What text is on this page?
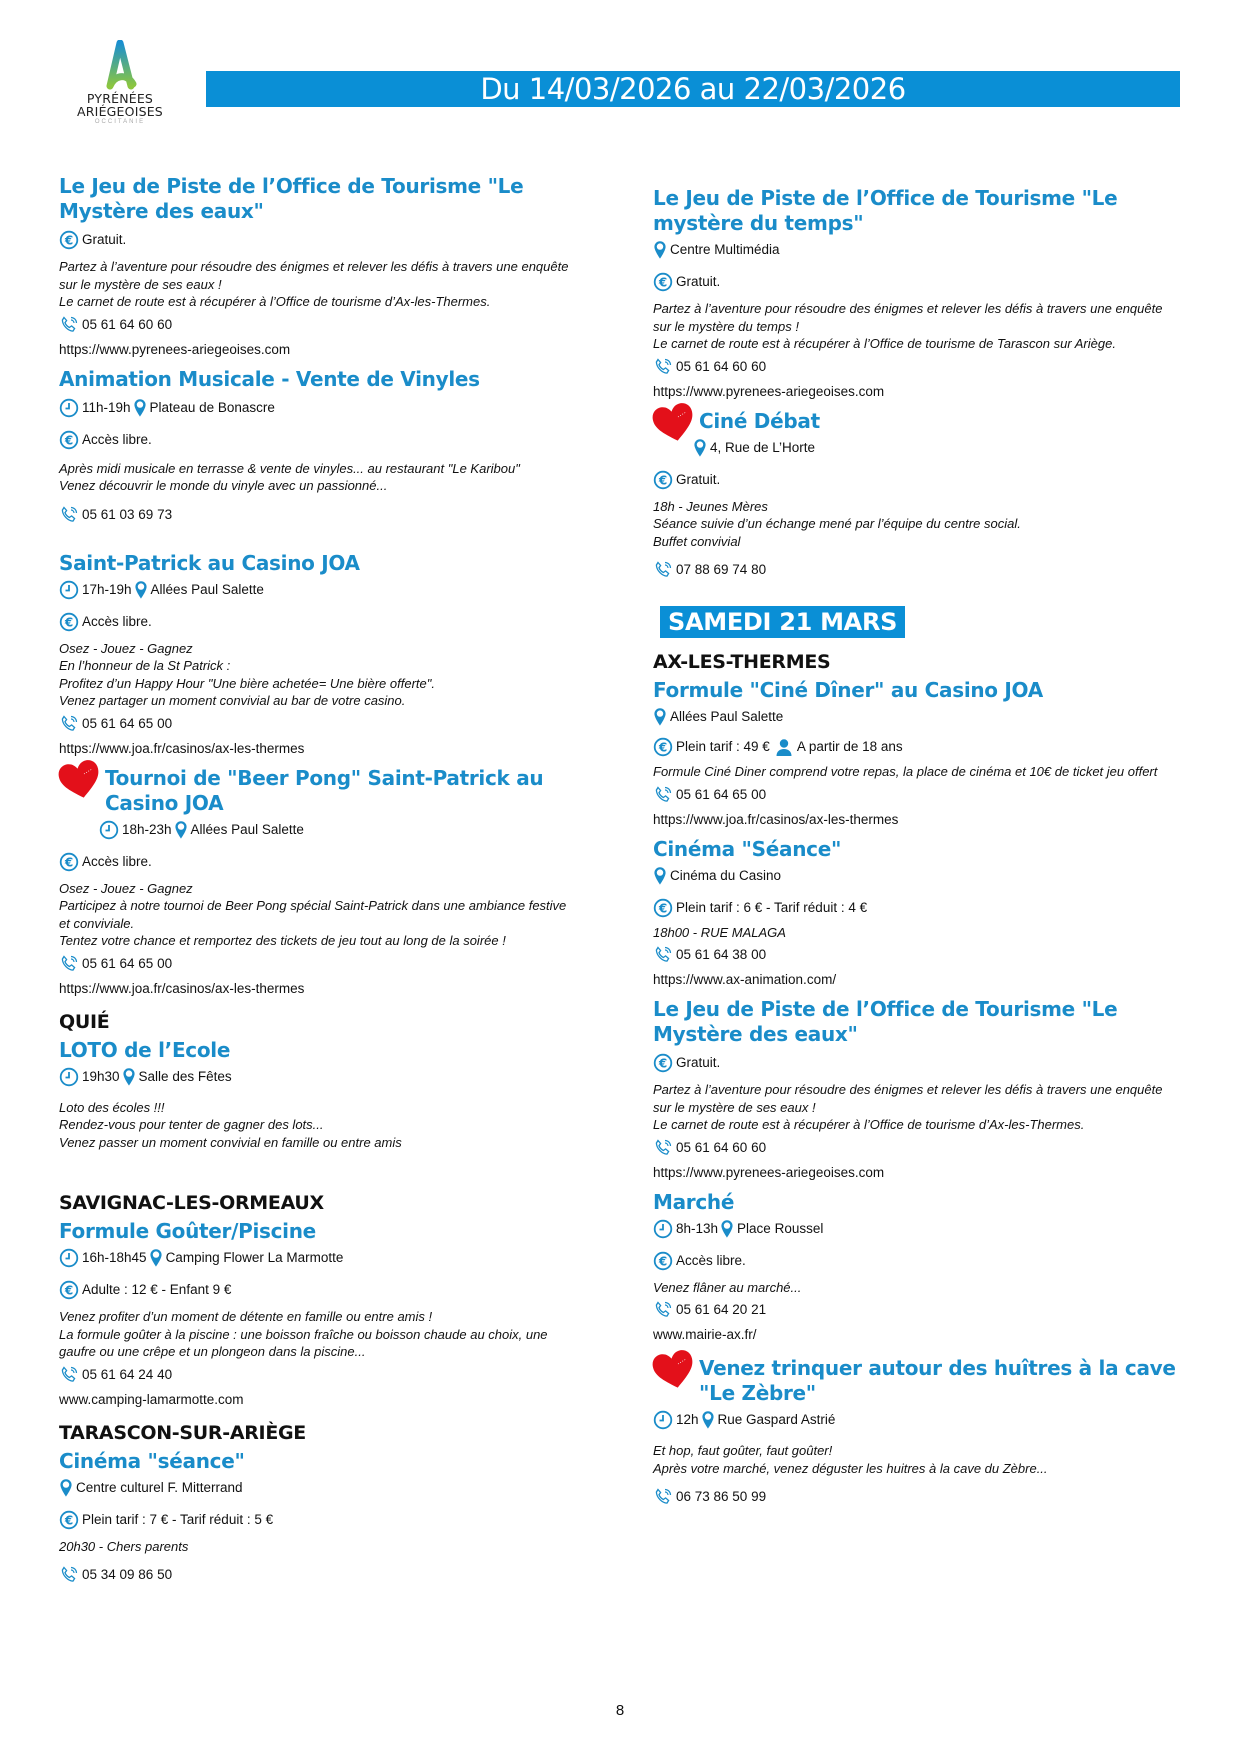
PYRÉNÉES
ARIÉGEOISES
OCCITANIE
Du 14/03/2026 au 22/03/2026
Le Jeu de Piste de l’Office de Tourisme "Le Mystère des eaux"
Gratuit.
Partez à l’aventure pour résoudre des énigmes et relever les défis à travers une enquête
sur le mystère de ses eaux !
Le carnet de route est à récupérer à l’Office de tourisme d’Ax-les-Thermes.
05 61 64 60 60
https://www.pyrenees-ariegeoises.com
Animation Musicale - Vente de Vinyles
11h-19h Plateau de Bonascre
Accès libre.
Après midi musicale en terrasse & vente de vinyles... au restaurant "Le Karibou"
Venez découvrir le monde du vinyle avec un passionné...
05 61 03 69 73
Saint-Patrick au Casino JOA
17h-19h Allées Paul Salette
Accès libre.
Osez - Jouez - Gagnez
En l’honneur de la St Patrick :
Profitez d’un Happy Hour "Une bière achetée= Une bière offerte".
Venez partager un moment convivial au bar de votre casino.
05 61 64 65 00
https://www.joa.fr/casinos/ax-les-thermes
Tournoi de "Beer Pong" Saint-Patrick au Casino JOA
18h-23h Allées Paul Salette
Accès libre.
Osez - Jouez - Gagnez
Participez à notre tournoi de Beer Pong spécial Saint-Patrick dans une ambiance festive
et conviviale.
Tentez votre chance et remportez des tickets de jeu tout au long de la soirée !
05 61 64 65 00
https://www.joa.fr/casinos/ax-les-thermes
QUIÉ
LOTO de l’Ecole
19h30 Salle des Fêtes
Loto des écoles !!!
Rendez-vous pour tenter de gagner des lots...
Venez passer un moment convivial en famille ou entre amis
SAVIGNAC-LES-ORMEAUX
Formule Goûter/Piscine
16h-18h45 Camping Flower La Marmotte
Adulte : 12 € - Enfant 9 €
Venez profiter d’un moment de détente en famille ou entre amis !
La formule goûter à la piscine : une boisson fraîche ou boisson chaude au choix, une
gaufre ou une crêpe et un plongeon dans la piscine...
05 61 64 24 40
www.camping-lamarmotte.com
TARASCON-SUR-ARIÈGE
Cinéma "séance"
Centre culturel F. Mitterrand
Plein tarif : 7 € - Tarif réduit : 5 €
20h30 - Chers parents
05 34 09 86 50
Le Jeu de Piste de l’Office de Tourisme "Le mystère du temps"
Centre Multimédia
Gratuit.
Partez à l’aventure pour résoudre des énigmes et relever les défis à travers une enquête
sur le mystère du temps !
Le carnet de route est à récupérer à l’Office de tourisme de Tarascon sur Ariège.
05 61 64 60 60
https://www.pyrenees-ariegeoises.com
Ciné Débat
4, Rue de L’Horte
Gratuit.
18h - Jeunes Mères
Séance suivie d’un échange mené par l’équipe du centre social.
Buffet convivial
07 88 69 74 80
SAMEDI 21 MARS
AX-LES-THERMES
Formule "Ciné Dîner" au Casino JOA
Allées Paul Salette
Plein tarif : 49 € A partir de 18 ans
Formule Ciné Diner comprend votre repas, la place de cinéma et 10€ de ticket jeu offert
05 61 64 65 00
https://www.joa.fr/casinos/ax-les-thermes
Cinéma "Séance"
Cinéma du Casino
Plein tarif : 6 € - Tarif réduit : 4 €
18h00 - RUE MALAGA
05 61 64 38 00
https://www.ax-animation.com/
Le Jeu de Piste de l’Office de Tourisme "Le Mystère des eaux"
Gratuit.
Partez à l’aventure pour résoudre des énigmes et relever les défis à travers une enquête
sur le mystère de ses eaux !
Le carnet de route est à récupérer à l’Office de tourisme d’Ax-les-Thermes.
05 61 64 60 60
https://www.pyrenees-ariegeoises.com
Marché
8h-13h Place Roussel
Accès libre.
Venez flâner au marché...
05 61 64 20 21
www.mairie-ax.fr/
Venez trinquer autour des huîtres à la cave "Le Zèbre"
12h Rue Gaspard Astrié
Et hop, faut goûter, faut goûter!
Après votre marché, venez déguster les huitres à la cave du Zèbre...
06 73 86 50 99
8
